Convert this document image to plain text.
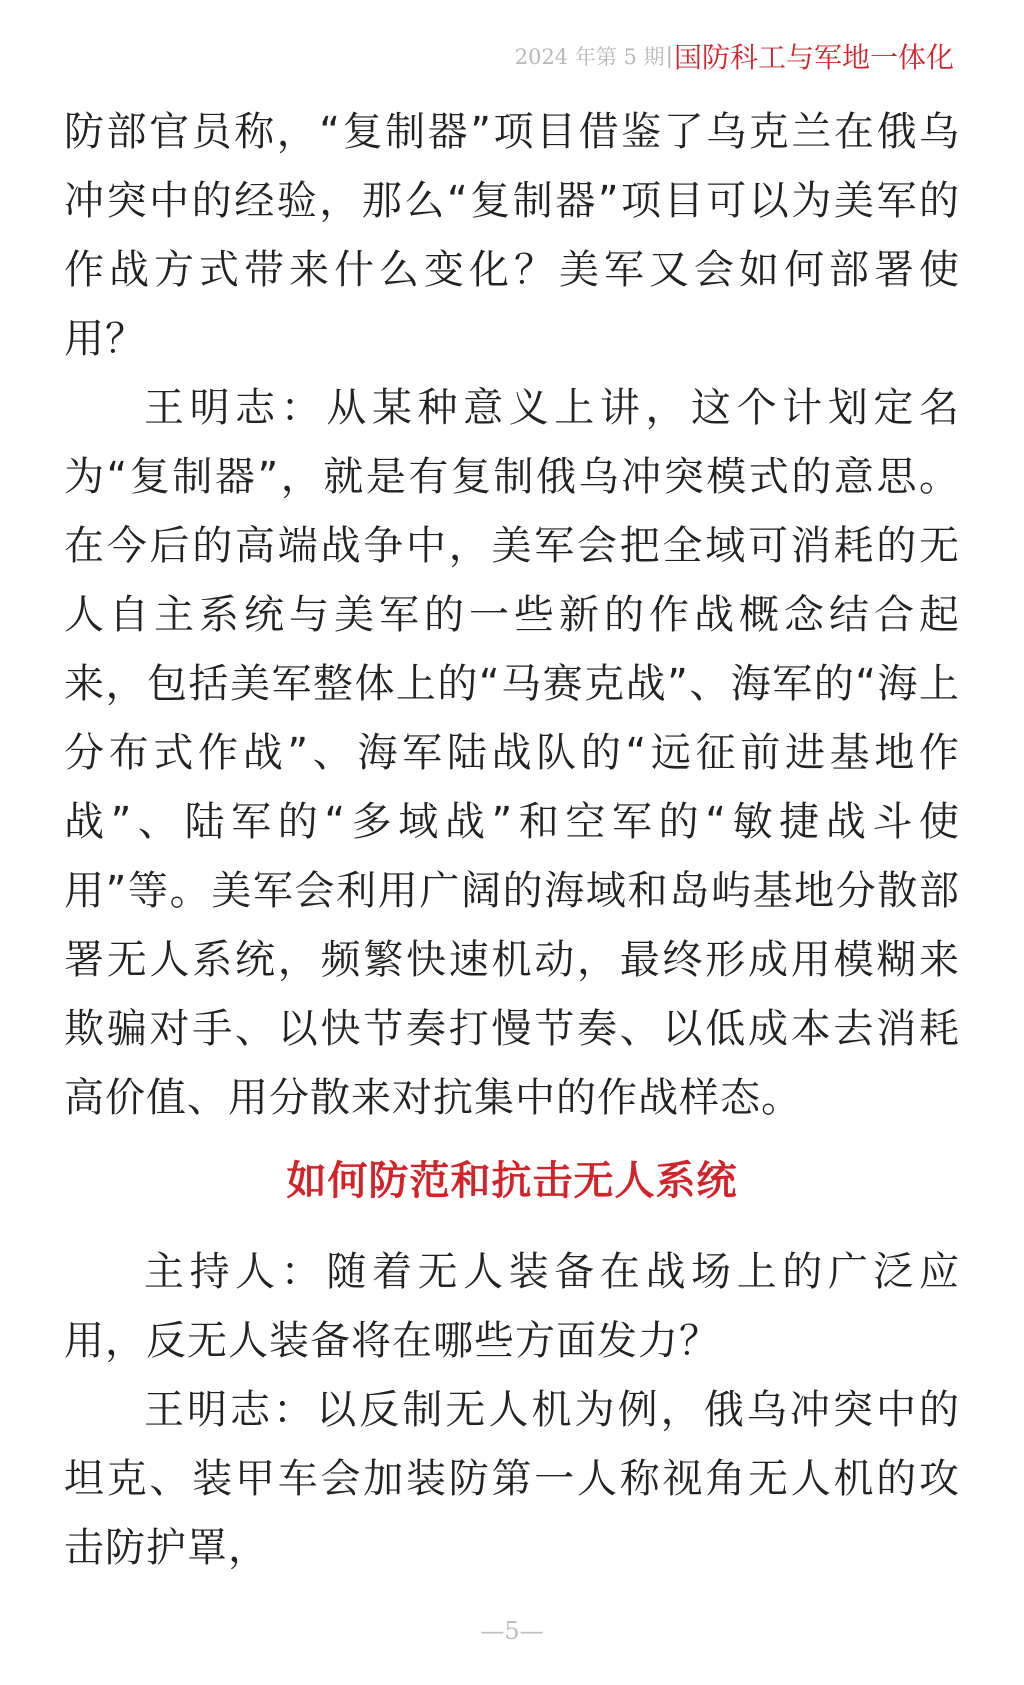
2024 年第 5 期 | 国防科工与军地一体化

防部官员称，“复制器”项目借鉴了乌克兰在俄乌冲突中的经验，那么“复制器”项目可以为美军的作战方式带来什么变化？美军又会如何部署使用？

王明志：从某种意义上讲，这个计划定名为“复制器”，就是有复制俄乌冲突模式的意思。在今后的高端战争中，美军会把全域可消耗的无人自主系统与美军的一些新的作战概念结合起来，包括美军整体上的“马赛克战”、海军的“海上分布式作战”、海军陆战队的“远征前进基地作战”、陆军的“多域战”和空军的“敏捷战斗使用”等。美军会利用广阔的海域和岛屿基地分散部署无人系统，频繁快速机动，最终形成用模糊来欺骗对手、以快节奏打慢节奏、以低成本去消耗高价值、用分散来对抗集中的作战样态。

如何防范和抗击无人系统

主持人：随着无人装备在战场上的广泛应用，反无人装备将在哪些方面发力？

王明志：以反制无人机为例，俄乌冲突中的坦克、装甲车会加装防第一人称视角无人机的攻击防护罩，

—5—
